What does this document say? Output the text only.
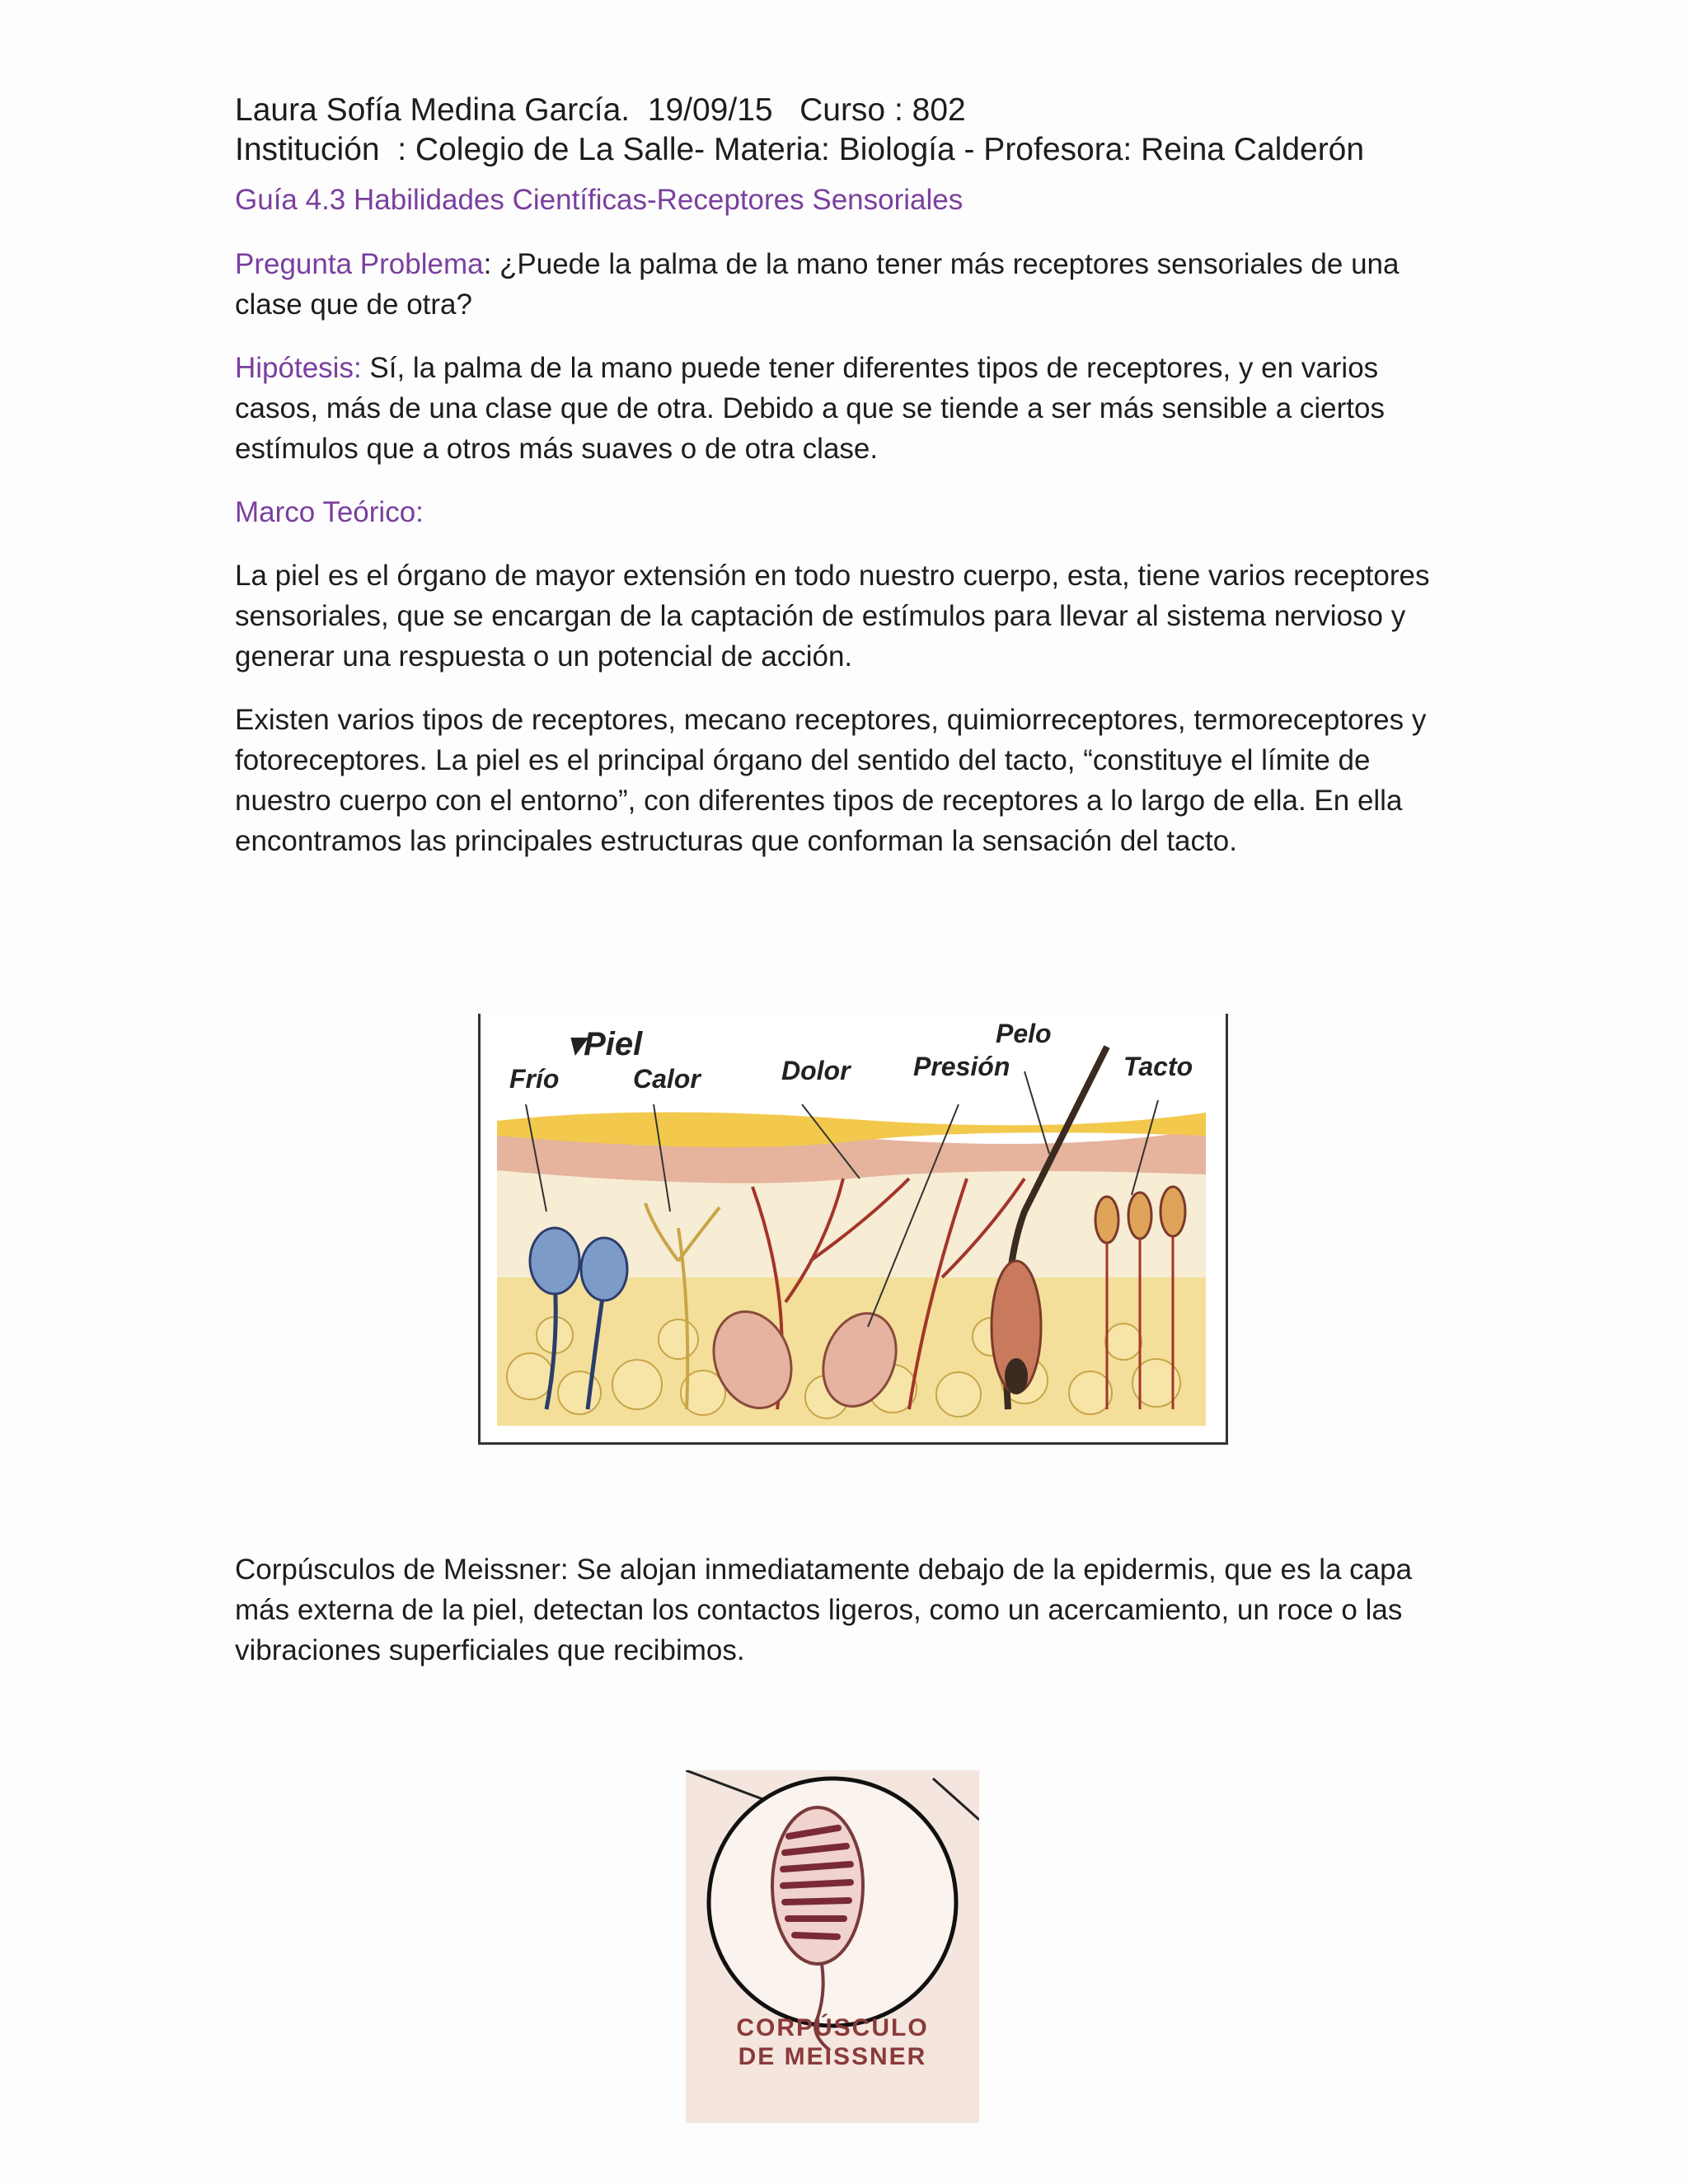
Laura Sofía Medina García.  19/09/15   Curso : 802
Institución  : Colegio de La Salle- Materia: Biología - Profesora: Reina Calderón
Guía 4.3 Habilidades Científicas-Receptores Sensoriales

Pregunta Problema: ¿Puede la palma de la mano tener más receptores sensoriales de una clase que de otra?

Hipótesis: Sí, la palma de la mano puede tener diferentes tipos de receptores, y en varios casos, más de una clase que de otra. Debido a que se tiende a ser más sensible a ciertos estímulos que a otros más suaves o de otra clase.

Marco Teórico:

La piel es el órgano de mayor extensión en todo nuestro cuerpo, esta, tiene varios receptores sensoriales, que se encargan de la captación de estímulos para llevar al sistema nervioso y generar una respuesta o un potencial de acción.

Existen varios tipos de receptores, mecano receptores, quimiorreceptores, termoreceptores y fotoreceptores. La piel es el principal órgano del sentido del tacto, “constituye el límite de nuestro cuerpo con el entorno”, con diferentes tipos de receptores a lo largo de ella. En ella encontramos las principales estructuras que conforman la sensación del tacto.

▾Piel
Frío	Calor	Dolor Presión
Pelo
Tacto

Corpúsculos de Meissner: Se alojan inmediatamente debajo de la epidermis, que es la capa más externa de la piel, detectan los contactos ligeros, como un acercamiento, un roce o las vibraciones superficiales que recibimos.

CORPÚSCULO
DE MEISSNER
